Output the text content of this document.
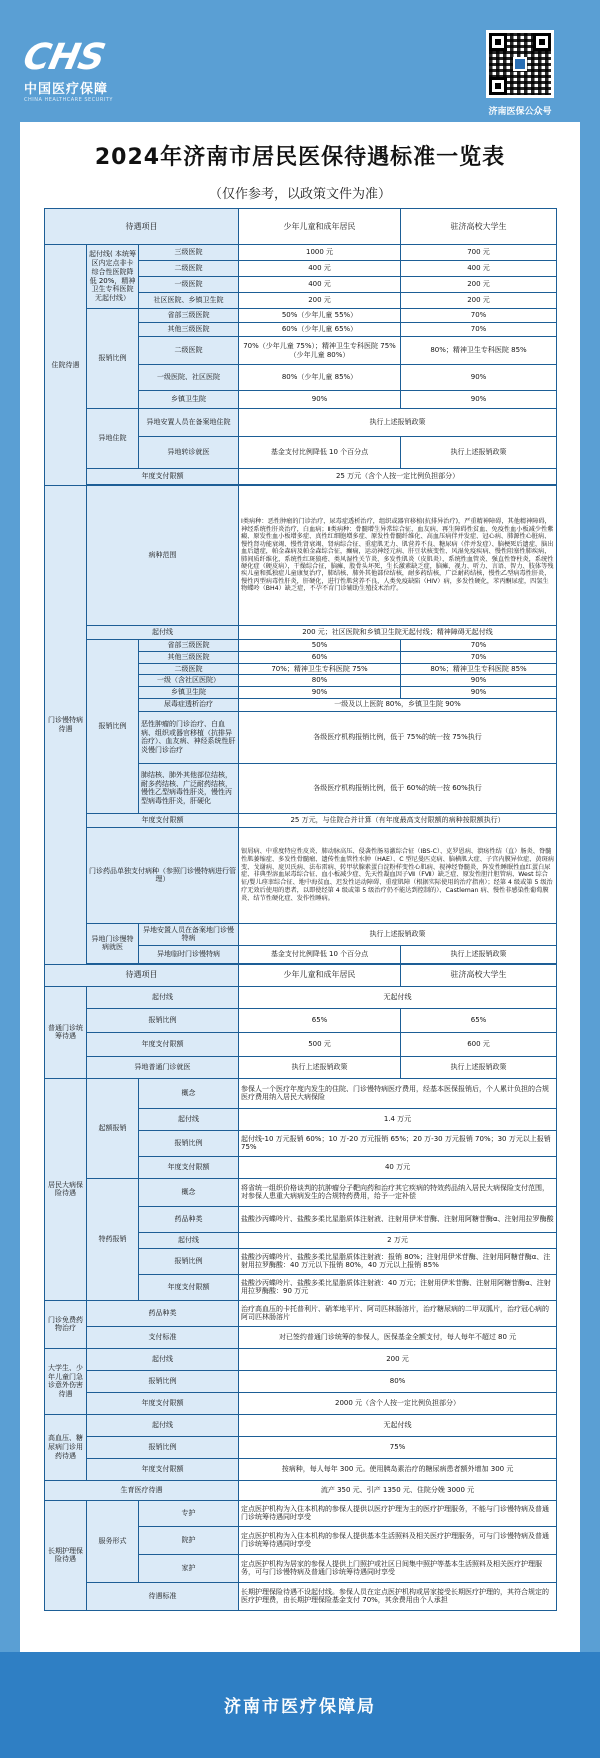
CHS
中国医疗保障
CHINA HEALTHCARE SECURITY
济南医保公众号
2024年济南市居民医保待遇标准一览表
（仅作参考，以政策文件为准）
待遇项目			少年儿童和成年居民	驻济高校大学生
住院待遇	起付线( 本统筹区内定点非卡综合性医院降低 20%，精神卫生专科医院无起付线）	三级医院	1000 元	700 元
		二级医院	400 元	400 元
		一级医院	400 元	200 元
		社区医院、乡镇卫生院	200 元	200 元
	报销比例	省部三级医院	50%（少年儿童 55%）	70%
		其他三级医院	60%（少年儿童 65%）	70%
		二级医院	70%（少年儿童 75%）；精神卫生专科医院 75%（少年儿童 80%）	80%；精神卫生专科医院 85%
		一级医院、社区医院	80%（少年儿童 85%）	90%
		乡镇卫生院	90%	90%
	异地住院	异地安置人员在备案地住院	执行上述报销政策	
		异地转诊就医	基金支付比例降低 10 个百分点	执行上述报销政策
	年度支付限额		25 万元（含个人按一定比例负担部分）	

门诊慢特病待遇	病种范围		Ⅰ类病种：恶性肿瘤的门诊治疗，尿毒症透析治疗，组织或器官移植(抗排异治疗)，严重精神障碍，其他精神障碍，神经系统性肝炎治疗，白血病；Ⅱ类病种：骨髓增生异常综合征、血友病、再生障碍性贫血、免疫性血小板减少性紫癜、原发性血小板增多症、真性红细胞增多症、原发性骨髓纤维化、高血压病伴并发症、冠心病、肺源性心脏病、慢性肾功能衰竭、慢性肾衰竭、肾病综合征、重症肌无力、肌营养不良、糖尿病（伴并发症）、脑梗死后遗症、脑出血后遗症，帕金森病及帕金森综合征，癫痫，运动神经元病、肝豆状核变性、风湿免疫疾病、慢性阻塞性肺疾病，肺间质纤维化，系统性红斑狼疮、类风湿性关节炎、多发性肌炎（皮肌炎），系统性血管炎、强直性脊柱炎，系统性硬化症（硬皮病），干燥综合征，脑瘫、股骨头坏死，生长激素缺乏症，脑瘫、视力、听力、言语、智力、肢体等残疾儿童和孤独症儿童康复治疗，肺结核、肺外其他部位结核，耐多药结核，广泛耐药结核，慢性乙型病毒性肝炎，慢性丙型病毒性肝炎，肝硬化，进行性肌营养不良，人类免疫缺陷（HIV）病，多发性硬化，苯丙酮尿症，四氢生物蝶呤（BH4）缺乏症，不孕不育门诊辅助生殖技术治疗。	
	起付线		200 元；社区医院和乡镇卫生院无起付线；精神障碍无起付线	
	报销比例	省部三级医院	50%	70%
		其他三级医院	60%	70%
		二级医院	70%；精神卫生专科医院 75%	80%；精神卫生专科医院 85%
		一级（含社区医院）	80%	90%
		乡镇卫生院	90%	90%
		尿毒症透析治疗	一级及以上医院 80%，乡镇卫生院 90%	
		恶性肿瘤的门诊治疗、白血病、组织或器官移植（抗排异治疗）、血友病、神经系统性肝炎慢门诊治疗	各级医疗机构报销比例，低于 75%的统一按 75%执行	
		肺结核、肺外其他部位结核，耐多药结核、广泛耐药结核，慢性乙型病毒性肝炎，慢性丙型病毒性肝炎，肝硬化	各级医疗机构报销比例，低于 60%的统一按 60%执行	
	年度支付限额		25 万元，与住院合并计算（有年度最高支付限额的病种按限额执行）	
	门诊药品单独支付病种（参照门诊慢特病进行管理）		银屑病、中重度特应性皮炎、肺动脉高压、侵袭性肠易激综合征（IBS-C）、克罗恩病、溃疡性结（直）肠炎、脊髓性肌萎缩症、多发性骨髓瘤、遗传性血管性水肿（HAE）、C 型尼曼匹克病、脑横肌大症、子宫内膜异位症、黄斑病变、戈谢病、庞贝氏病、法布雷病、转甲状腺素蛋白淀粉样变性心肌病、视神经脊髓炎、阵发性睡眠性血红蛋白尿症、非典型溶血尿毒综合征、血小板减少症、先天性凝血因子Ⅶ（FⅦ）缺乏症、原发性胆汁胆管病、West 综合征/婴儿痉挛综合征、地中海贫血、迟发性运动障碍、重症肌障（根据实际使用的治疗指南）；经第 4 级或第 5 级治疗无效后使用的患者，以即使经第 4 级或第 5 级治疗仍不能达到控制的）、Castleman 病、慢性非感染性葡萄膜炎、结节性硬化症、发作性睡病。	
	异地门诊慢特病就医	异地安置人员在备案地门诊慢特病	执行上述报销政策	
		异地临时门诊慢特病	基金支付比例降低 10 个百分点	执行上述报销政策

待遇项目			少年儿童和成年居民	驻济高校大学生
普通门诊统筹待遇	起付线		无起付线	
	报销比例		65%	65%
	年度支付限额		500 元	600 元
	异地普通门诊就医		执行上述报销政策	执行上述报销政策
居民大病保险待遇	起额报销	概念	参保人一个医疗年度内发生的住院、门诊慢特病医疗费用，经基本医保报销后，个人累计负担的合规医疗费用纳入居民大病保险	
		起付线	1.4 万元	
		报销比例	起付线-10 万元报销 60%；10 万-20 万元报销 65%；20 万-30 万元报销 70%；30 万元以上报销 75%	
		年度支付限额	40 万元	
	特药报销	概念	将省统一组织价格谈判的抗肿瘤分子靶向药和治疗其它疾病的特效药品纳入居民大病保险支付范围，对参保人患重大病病发生的合规特药费用，给予一定补偿	
		药品种类	盐酸沙丙蝶呤片、盐酸多柔比星脂质体注射液、注射用伊米苷酶、注射用阿糖苷酶α、注射用拉罗酶酸	
		起付线	2 万元	
		报销比例	盐酸沙丙蝶呤片、盐酸多柔比星脂质体注射液：报销 80%；注射用伊米苷酶、注射用阿糖苷酶α、注射用拉罗酶酸：40 万元以下报销 80%，40 万元以上报销 85%	
		年度支付限额	盐酸沙丙蝶呤片、盐酸多柔比星脂质体注射液：40 万元；注射用伊米苷酶、注射用阿糖苷酶α、注射用拉罗酶酸：90 万元	
门诊免费药物治疗	药品种类		治疗高血压的卡托普利片、硝苯地平片、阿司匹林肠溶片，治疗糖尿病的二甲双胍片，治疗冠心病的阿司匹林肠溶片	
	支付标准		对已签约普通门诊统筹的参保人，医保基金全额支付，每人每年不超过 80 元	
大学生、少年儿童门急诊意外伤害待遇	起付线		200 元	
	报销比例		80%	
	年度支付限额		2000 元（含个人按一定比例负担部分）	
高血压、糖尿病门诊用药待遇	起付线		无起付线	
	报销比例		75%	
	年度支付限额		按病种，每人每年 300 元。使用胰岛素治疗的糖尿病患者额外增加 300 元	
生育医疗待遇			流产 350 元、引产 1350 元、住院分娩 3000 元	
长期护理保险待遇	服务形式	专护	定点医护机构为入住本机构的参保人提供以医疗护理为主的医疗护理服务，不能与门诊慢特病及普通门诊统筹待遇同时享受	
		院护	定点医护机构为入住本机构的参保人提供基本生活照料及相关医疗护理服务，可与门诊慢特病及普通门诊统筹待遇同时享受	
		家护	定点医护机构为居家的参保人提供上门照护或社区日间集中照护等基本生活照料及相关医疗护理服务，可与门诊慢特病及普通门诊统筹待遇同时享受	
	待遇标准		长期护理保险待遇不设起付线。参保人员在定点医护机构或居家接受长期医疗护理的，其符合规定的医疗护理费，由长期护理保险基金支付 70%，其余费用由个人承担	
济南市医疗保障局
